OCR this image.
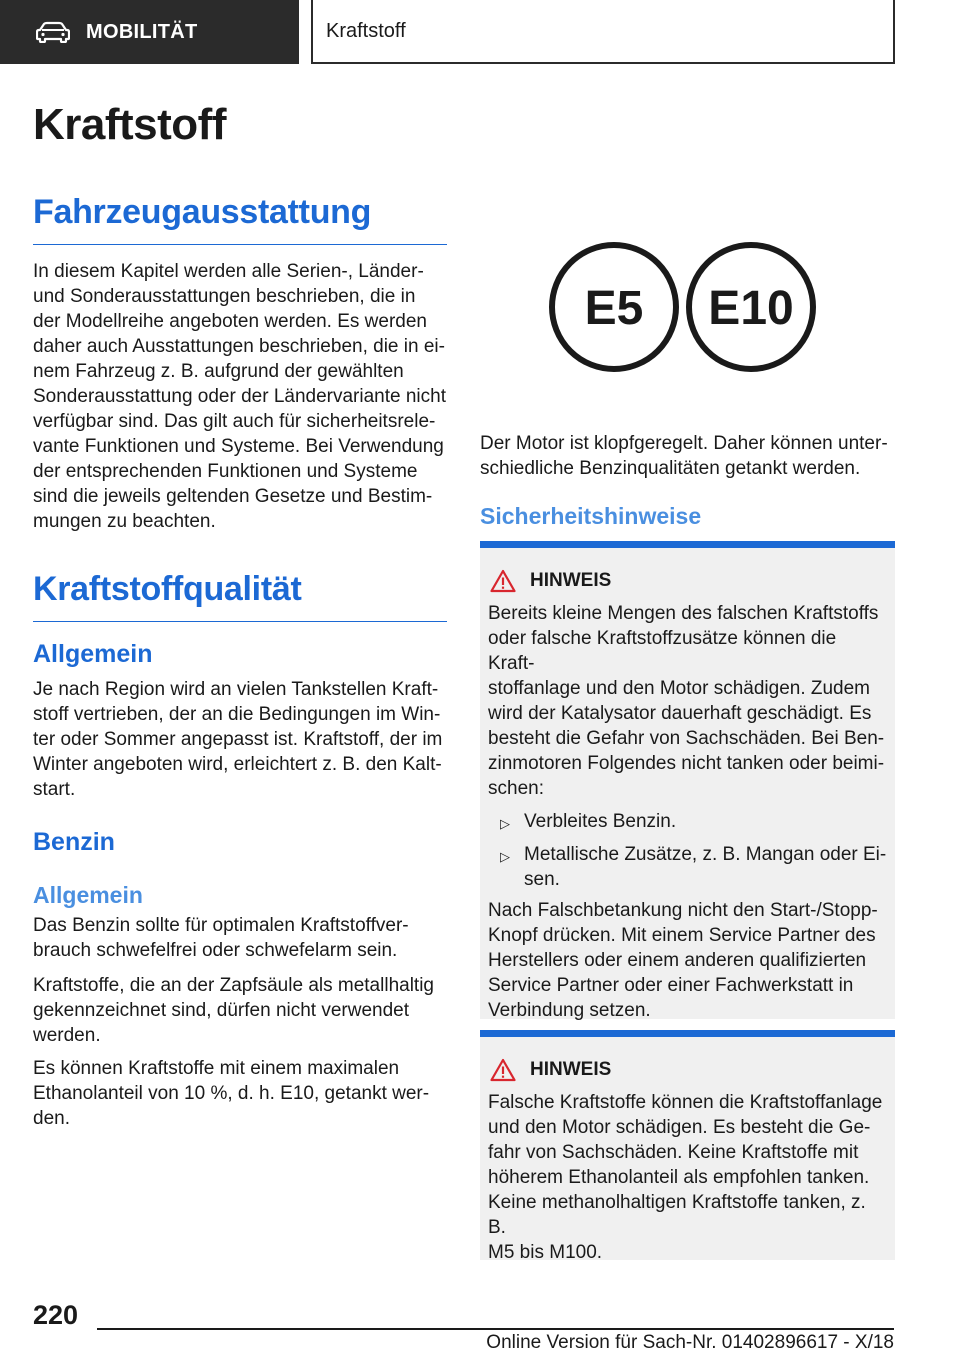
MOBILITÄT	Kraftstoff
Kraftstoff
Fahrzeugausstattung
In diesem Kapitel werden alle Serien-, Länder-
und Sonderausstattungen beschrieben, die in
der Modellreihe angeboten werden. Es werden
daher auch Ausstattungen beschrieben, die in ei-
nem Fahrzeug z. B. aufgrund der gewählten
Sonderausstattung oder der Ländervariante nicht
verfügbar sind. Das gilt auch für sicherheitsrele-
vante Funktionen und Systeme. Bei Verwendung
der entsprechenden Funktionen und Systeme
sind die jeweils geltenden Gesetze und Bestim-
mungen zu beachten.
Kraftstoffqualität
Allgemein
Je nach Region wird an vielen Tankstellen Kraft-
stoff vertrieben, der an die Bedingungen im Win-
ter oder Sommer angepasst ist. Kraftstoff, der im
Winter angeboten wird, erleichtert z. B. den Kalt-
start.
Benzin
Allgemein
Das Benzin sollte für optimalen Kraftstoffver-
brauch schwefelfrei oder schwefelarm sein.
Kraftstoffe, die an der Zapfsäule als metallhaltig
gekennzeichnet sind, dürfen nicht verwendet
werden.
Es können Kraftstoffe mit einem maximalen
Ethanolanteil von 10 %, d. h. E10, getankt wer-
den.
E5 E10
Der Motor ist klopfgeregelt. Daher können unter-
schiedliche Benzinqualitäten getankt werden.
Sicherheitshinweise
HINWEIS
Bereits kleine Mengen des falschen Kraftstoffs
oder falsche Kraftstoffzusätze können die Kraft-
stoffanlage und den Motor schädigen. Zudem
wird der Katalysator dauerhaft geschädigt. Es
besteht die Gefahr von Sachschäden. Bei Ben-
zinmotoren Folgendes nicht tanken oder beimi-
schen:
▷ Verbleites Benzin.
▷ Metallische Zusätze, z. B. Mangan oder Ei-
sen.
Nach Falschbetankung nicht den Start-/Stopp-
Knopf drücken. Mit einem Service Partner des
Herstellers oder einem anderen qualifizierten
Service Partner oder einer Fachwerkstatt in
Verbindung setzen.
HINWEIS
Falsche Kraftstoffe können die Kraftstoffanlage
und den Motor schädigen. Es besteht die Ge-
fahr von Sachschäden. Keine Kraftstoffe mit
höherem Ethanolanteil als empfohlen tanken.
Keine methanolhaltigen Kraftstoffe tanken, z. B.
M5 bis M100.
220
Online Version für Sach-Nr. 01402896617 - X/18
